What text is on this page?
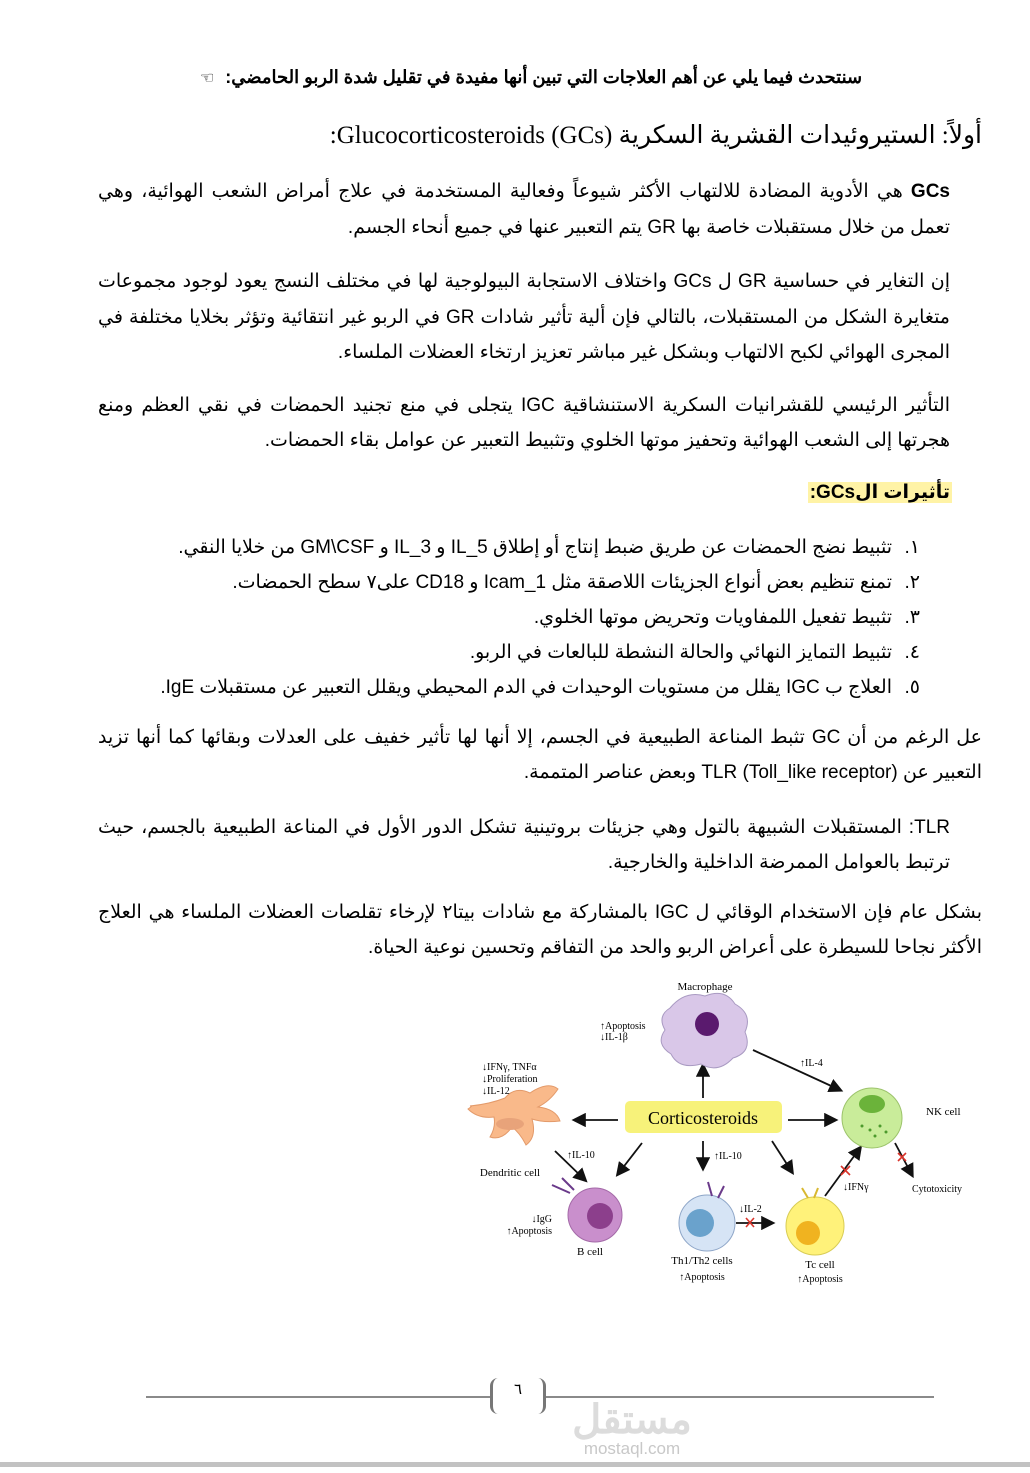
سنتحدث فيما يلي عن أهم العلاجات التي تبين أنها مفيدة في تقليل شدة الربو الحامضي: ☜
أولاً: الستيروئيدات القشرية السكرية Glucocorticosteroids (GCs):
GCs هي الأدوية المضادة للالتهاب الأكثر شيوعاً وفعالية المستخدمة في علاج أمراض الشعب الهوائية، وهي تعمل من خلال مستقبلات خاصة بها GR يتم التعبير عنها في جميع أنحاء الجسم.
إن التغاير في حساسية GR ل GCs واختلاف الاستجابة البيولوجية لها في مختلف النسج يعود لوجود مجموعات متغايرة الشكل من المستقبلات، بالتالي فإن ألية تأثير شادات GR في الربو غير انتقائية وتؤثر بخلايا مختلفة في المجرى الهوائي لكبح الالتهاب وبشكل غير مباشر تعزيز ارتخاء العضلات الملساء.
التأثير الرئيسي للقشرانيات السكرية الاستنشاقية IGC يتجلى في منع تجنيد الحمضات في نقي العظم ومنع هجرتها إلى الشعب الهوائية وتحفيز موتها الخلوي وتثبيط التعبير عن عوامل بقاء الحمضات.
تأثيرات الGCs:
١.
تثبيط نضج الحمضات عن طريق ضبط إنتاج أو إطلاق IL_5 و IL_3 و GM\CSF من خلايا النقي.
٢.
تمنع تنظيم بعض أنواع الجزيئات اللاصقة مثل Icam_1 و CD18 على٧ سطح الحمضات.
٣.
تثبيط تفعيل اللمفاويات وتحريض موتها الخلوي.
٤.
تثبيط التمايز النهائي والحالة النشطة للبالعات في الربو.
٥.
العلاج ب IGC يقلل من مستويات الوحيدات في الدم المحيطي ويقلل التعبير عن مستقبلات IgE.
عل الرغم من أن GC تثبط المناعة الطبيعية في الجسم، إلا أنها لها تأثير خفيف على العدلات وبقائها كما أنها تزيد التعبير عن TLR (Toll_like receptor) وبعض عناصر المتممة.
TLR: المستقبلات الشبيهة بالتول وهي جزيئات بروتينية تشكل الدور الأول في المناعة الطبيعية بالجسم، حيث ترتبط بالعوامل الممرضة الداخلية والخارجية.
بشكل عام فإن الاستخدام الوقائي ل IGC بالمشاركة مع شادات بيتا٢ لإرخاء تقلصات العضلات الملساء هي العلاج الأكثر نجاحا للسيطرة على أعراض الربو والحد من التفاقم وتحسين نوعية الحياة.
Corticosteroids
Macrophage
↑Apoptosis
↓IL-1β
Dendritic cell
↓IFNγ, TNFα
↓Proliferation
↓IL-12
NK cell
B cell
↓IgG
↑Apoptosis
Th1/Th2 cells
↑Apoptosis
Tc cell
↑Apoptosis
↑IL-4
↑IL-10	↑IL-10
↓IL-2
↓IFNγ	Cytotoxicity
٦
مستقل
mostaql.com
